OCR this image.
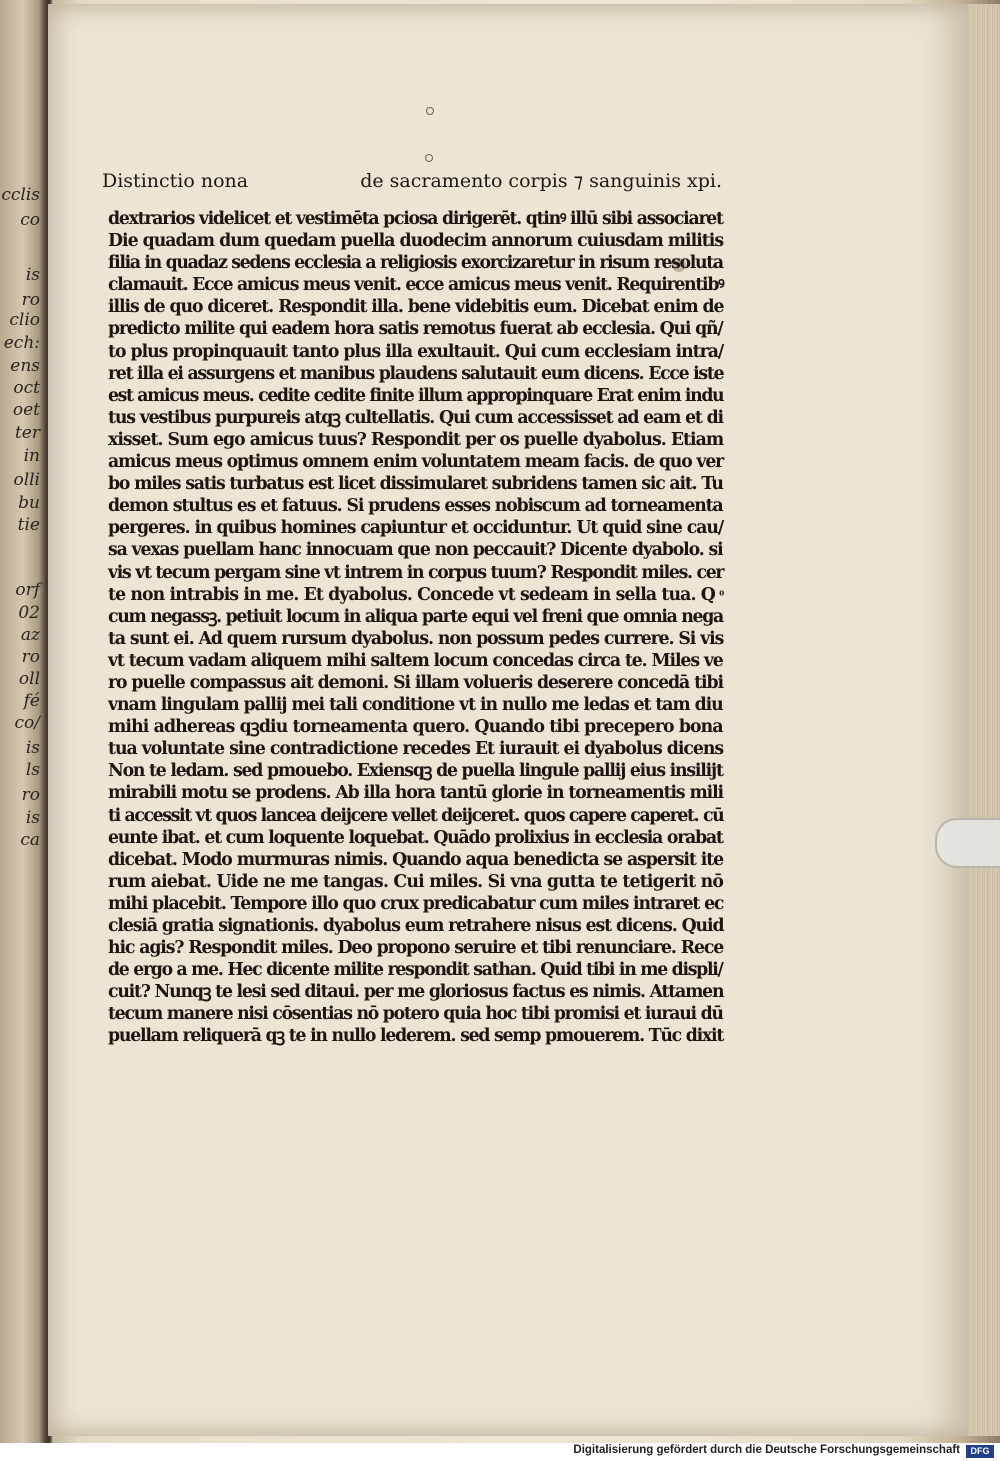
cclis
co
is
ro
clio
ech:
ens
oct
oet
ter
in
olli
bu
tie
orf
02
az
ro
oll
fé
co/
is
ls
ro
is
ca
Distinctio nona	de sacramento corpis ⁊ sanguinis xpi.
dextrarios videlicet et vestimēta pciosa dirigerēt. qtinꝰ illū sibi associaret
Die quadam dum quedam puella duodecim annorum cuiusdam militis
filia in quadaz sedens ecclesia a religiosis exorcizaretur in risum resoluta
clamauit. Ecce amicus meus venit. ecce amicus meus venit. Requirentibꝰ
illis de quo diceret. Respondit illa. bene videbitis eum. Dicebat enim de
predicto milite qui eadem hora satis remotus fuerat ab ecclesia. Qui qñ/
to plus propinquauit tanto plus illa exultauit. Qui cum ecclesiam intra/
ret illa ei assurgens et manibus plaudens salutauit eum dicens. Ecce iste
est amicus meus. cedite cedite finite illum appropinquare Erat enim indu
tus vestibus purpureis atqꝫ cultellatis. Qui cum accessisset ad eam et di
xisset. Sum ego amicus tuus? Respondit per os puelle dyabolus. Etiam
amicus meus optimus omnem enim voluntatem meam facis. de quo ver
bo miles satis turbatus est licet dissimularet subridens tamen sic ait. Tu
demon stultus es et fatuus. Si prudens esses nobiscum ad torneamenta
pergeres. in quibus homines capiuntur et occiduntur. Ut quid sine cau/
sa vexas puellam hanc innocuam que non peccauit? Dicente dyabolo. si
vis vt tecum pergam sine vt intrem in corpus tuum? Respondit miles. cer
te non intrabis in me. Et dyabolus. Concede vt sedeam in sella tua. Q ͦ
cum negassꝫ. petiuit locum in aliqua parte equi vel freni que omnia nega
ta sunt ei. Ad quem rursum dyabolus. non possum pedes currere. Si vis
vt tecum vadam aliquem mihi saltem locum concedas circa te. Miles ve
ro puelle compassus ait demoni. Si illam volueris deserere concedā tibi
vnam lingulam pallij mei tali conditione vt in nullo me ledas et tam diu
mihi adhereas qꝫdiu torneamenta quero. Quando tibi precepero bona
tua voluntate sine contradictione recedes Et iurauit ei dyabolus dicens
Non te ledam. sed pmouebo. Exiensqꝫ de puella lingule pallij eius insilijt
mirabili motu se prodens. Ab illa hora tantū glorie in torneamentis mili
ti accessit vt quos lancea deijcere vellet deijceret. quos capere caperet. cū
eunte ibat. et cum loquente loquebat. Quādo prolixius in ecclesia orabat
dicebat. Modo murmuras nimis. Quando aqua benedicta se aspersit ite
rum aiebat. Uide ne me tangas. Cui miles. Si vna gutta te tetigerit nō
mihi placebit. Tempore illo quo crux predicabatur cum miles intraret ec
clesiā gratia signationis. dyabolus eum retrahere nisus est dicens. Quid
hic agis? Respondit miles. Deo propono seruire et tibi renunciare. Rece
de ergo a me. Hec dicente milite respondit sathan. Quid tibi in me displi/
cuit? Nunqꝫ te lesi sed ditaui. per me gloriosus factus es nimis. Attamen
tecum manere nisi cōsentias nō potero quia hoc tibi promisi et iuraui dū
puellam reliquerā qꝫ te in nullo lederem. sed semp pmouerem. Tūc dixit
Digitalisierung gefördert durch die Deutsche Forschungsgemeinschaft	DFG
